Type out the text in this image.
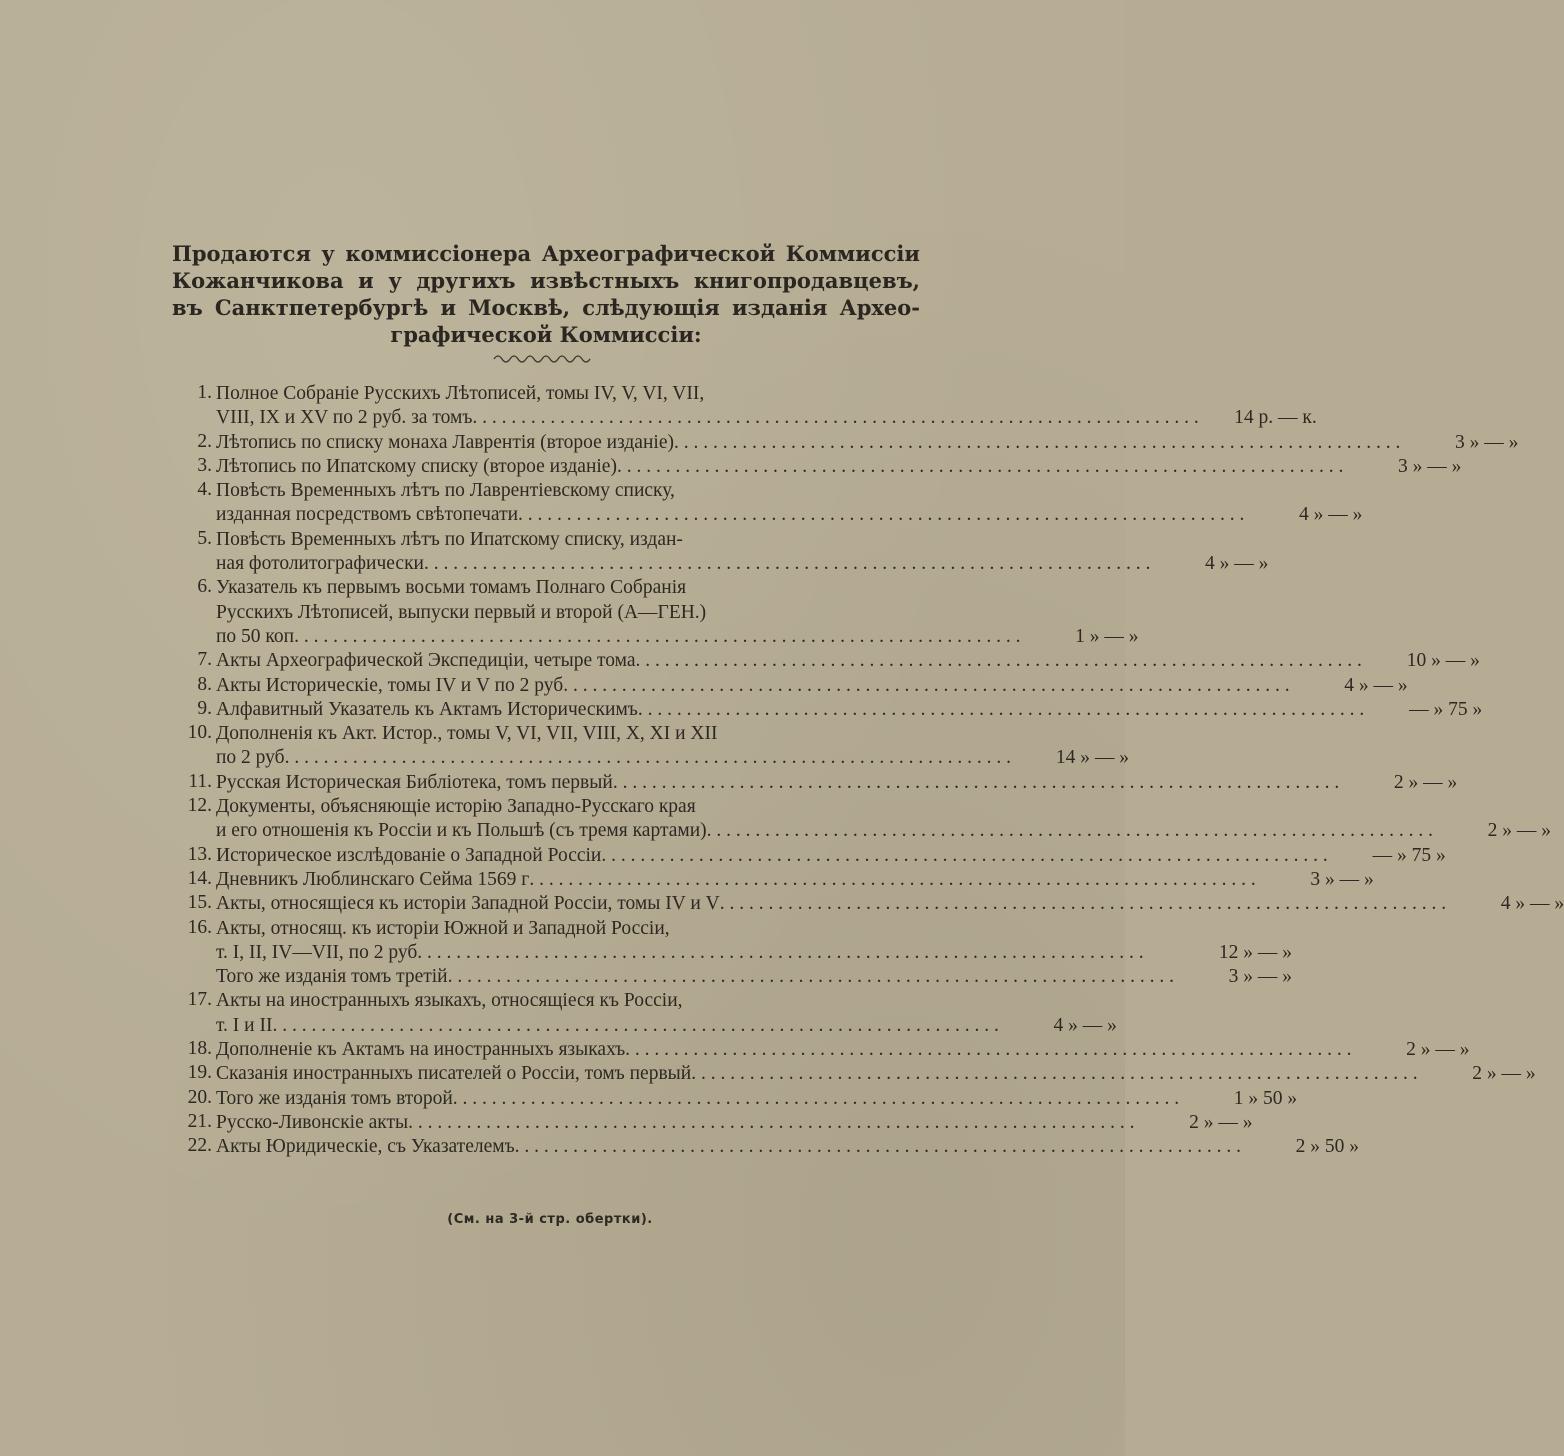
Продаются у коммиссіонера Археографической Коммиссіи
Кожанчикова и у другихъ извѣстныхъ книгопродавцевъ,
въ Санктпетербургѣ и Москвѣ, слѣдующія изданія Архео-
графической Коммиссіи:
1. Полное Собраніе Русскихъ Лѣтописей, томы IV, V, VI, VII,
VIII, IX и XV по 2 руб. за томъ . . .	14 р. — к.
2. Лѣтопись по списку монаха Лаврентія (второе изданіе) . . .	3 » — »
3. Лѣтопись по Ипатскому списку (второе изданіе) . . .	3 » — »
4. Повѣсть Временныхъ лѣтъ по Лаврентіевскому списку,
изданная посредствомъ свѣтопечати . . .	4 » — »
5. Повѣсть Временныхъ лѣтъ по Ипатскому списку, издан-
ная фотолитографически . . .	4 » — »
6. Указатель къ первымъ восьми томамъ Полнаго Собранія
Русскихъ Лѣтописей, выпуски первый и второй (А—ГЕН.)
по 50 коп . . .	1 » — »
7. Акты Археографической Экспедиціи, четыре тома . . .	10 » — »
8. Акты Историческіе, томы IV и V по 2 руб . . .	4 » — »
9. Алфавитный Указатель къ Актамъ Историческимъ . . .	— » 75 »
10. Дополненія къ Акт. Истор., томы V, VI, VII, VIII, X, XI и XII
по 2 руб . . .	14 » — »
11. Русская Историческая Библіотека, томъ первый . . .	2 » — »
12. Документы, объясняющіе исторію Западно-Русскаго края
и его отношенія къ Россіи и къ Польшѣ (съ тремя картами) . . .	2 » — »
13. Историческое изслѣдованіе о Западной Россіи . . .	— » 75 »
14. Дневникъ Люблинскаго Сейма 1569 г . . .	3 » — »
15. Акты, относящіеся къ исторіи Западной Россіи, томы IV и V . . .	4 » — »
16. Акты, относящ. къ исторіи Южной и Западной Россіи,
т. I, II, IV—VII, по 2 руб . . .	12 » — »
Того же изданія томъ третій . . .	3 » — »
17. Акты на иностранныхъ языкахъ, относящіеся къ Россіи,
т. I и II . . .	4 » — »
18. Дополненіе къ Актамъ на иностранныхъ языкахъ . . .	2 » — »
19. Сказанія иностранныхъ писателей о Россіи, томъ первый . . .	2 » — »
20. Того же изданія томъ второй . . .	1 » 50 »
21. Русско-Ливонскіе акты . . .	2 » — »
22. Акты Юридическіе, съ Указателемъ . . .	2 » 50 »
(См. на 3-й стр. обертки).
